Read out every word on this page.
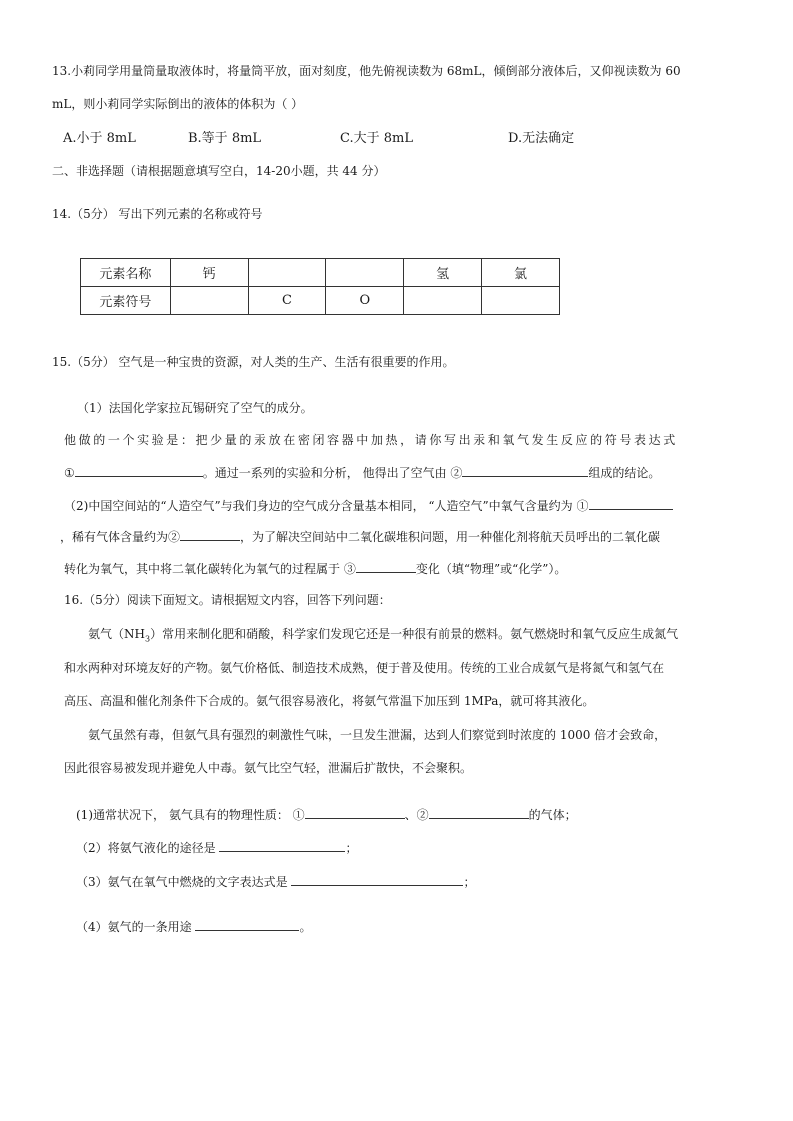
13.小莉同学用量筒量取液体时，将量筒平放，面对刻度，他先俯视读数为 68mL，倾倒部分液体后，又仰视读数为 60
mL，则小莉同学实际倒出的液体的体积为（ ）
A.小于 8mL	B.等于 8mL	C.大于 8mL	D.无法确定
二、非选择题（请根据题意填写空白，14-20小题，共 44 分）
14.（5分） 写出下列元素的名称或符号
元素名称	钙			氢	氯
元素符号		C	O		
15.（5分） 空气是一种宝贵的资源，对人类的生产、生活有很重要的作用。
（1）法国化学家拉瓦锡研究了空气的成分。
他 做 的 一 个 实 验 是 ： 把 少 量 的 汞 放 在 密 闭 容 器 中 加 热 ， 请 你 写 出 汞 和 氧 气 发 生 反 应 的 符 号 表 达 式
①	。通过一系列的实验和分析， 他得出了空气由 ②	组成的结论。
（2)中国空间站的“人造空气”与我们身边的空气成分含量基本相同， “人造空气”中氧气含量约为 ①
，稀有气体含量约为②	，为了解决空间站中二氧化碳堆积问题，用一种催化剂将航天员呼出的二氧化碳
转化为氧气，其中将二氧化碳转化为氧气的过程属于 ③	变化（填“物理”或“化学”）。
16.（5分）阅读下面短文。请根据短文内容，回答下列问题：
氨气$(NH_3)$常用来制化肥和硝酸，科学家们发现它还是一种很有前景的燃料。氨气燃烧时和氧气反应生成氮气
和水两种对环境友好的产物。氨气价格低、制造技术成熟，便于普及使用。传统的工业合成氨气是将氮气和氢气在
高压、高温和催化剂条件下合成的。氨气很容易液化，将氨气常温下加压到 1MPa，就可将其液化。
氨气虽然有毒，但氨气具有强烈的刺激性气味，一旦发生泄漏，达到人们察觉到时浓度的 1000 倍才会致命，
因此很容易被发现并避免人中毒。氨气比空气轻，泄漏后扩散快，不会聚积。
(1)通常状况下， 氨气具有的物理性质： ①	、②	的气体；
（2）将氨气液化的途径是	；
（3）氨气在氧气中燃烧的文字表达式是	；
（4）氨气的一条用途	。
